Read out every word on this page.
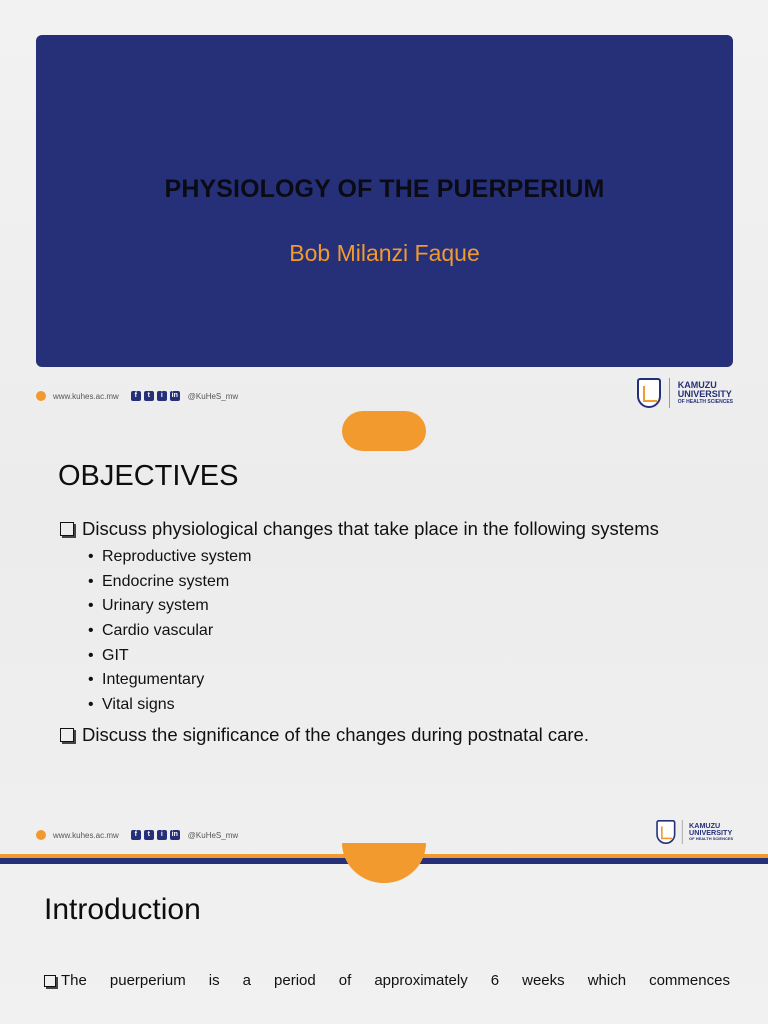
PHYSIOLOGY OF THE PUERPERIUM
Bob Milanzi Faque
www.kuhes.ac.mw	f	t	i	in @KuHeS_mw
KAMUZU
UNIVERSITY
OF HEALTH SCIENCES
OBJECTIVES
Discuss physiological changes that take place in the following systems
• Reproductive system
• Endocrine system
• Urinary system
• Cardio vascular
• GIT
• Integumentary
• Vital signs
Discuss the significance of the changes during postnatal care.
www.kuhes.ac.mw	f	t	i	in @KuHeS_mw
KAMUZU
UNIVERSITY
OF HEALTH SCIENCES
Introduction
The puerperium is a period of approximately 6 weeks which commences
